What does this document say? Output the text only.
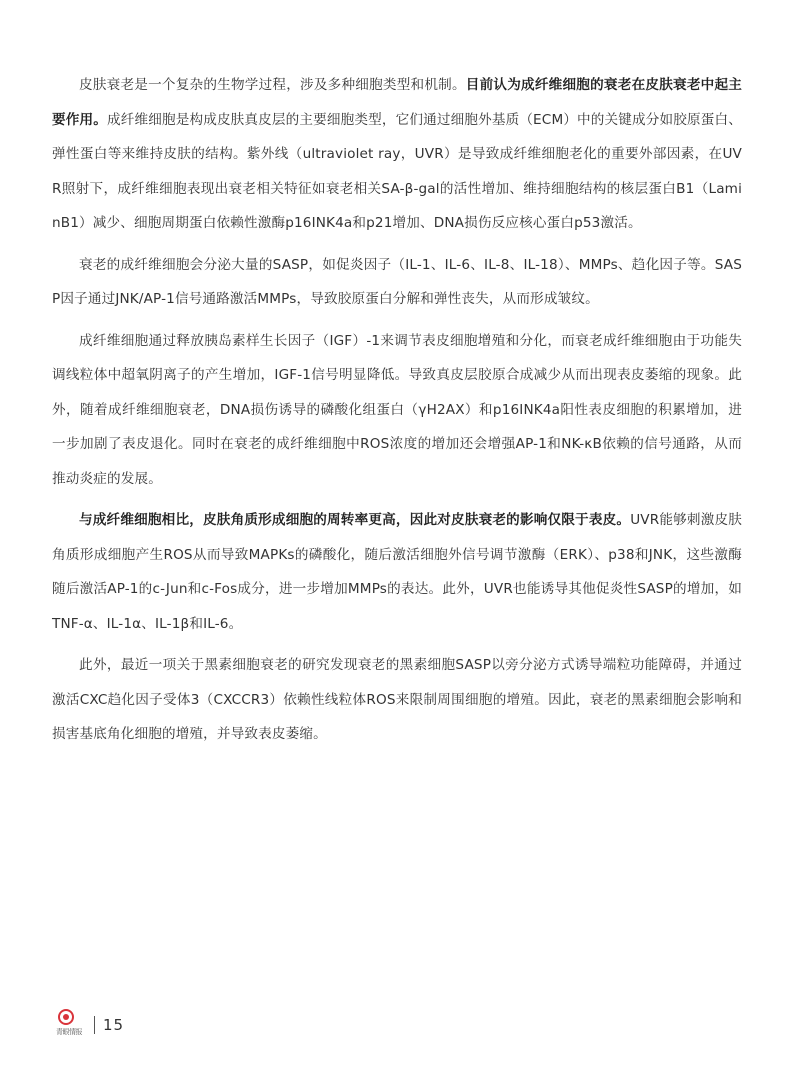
皮肤衰老是一个复杂的生物学过程，涉及多种细胞类型和机制。目前认为成纤维细胞的衰老在皮肤衰老中起主要作用。成纤维细胞是构成皮肤真皮层的主要细胞类型，它们通过细胞外基质（ECM）中的关键成分如胶原蛋白、弹性蛋白等来维持皮肤的结构。紫外线（ultraviolet ray，UVR）是导致成纤维细胞老化的重要外部因素，在UVR照射下，成纤维细胞表现出衰老相关特征如衰老相关SA-β-gal的活性增加、维持细胞结构的核层蛋白B1（LaminB1）减少、细胞周期蛋白依赖性激酶p16INK4a和p21增加、DNA损伤反应核心蛋白p53激活。

衰老的成纤维细胞会分泌大量的SASP，如促炎因子（IL-1、IL-6、IL-8、IL-18）、MMPs、趋化因子等。SASP因子通过JNK/AP-1信号通路激活MMPs，导致胶原蛋白分解和弹性丧失，从而形成皱纹。

成纤维细胞通过释放胰岛素样生长因子（IGF）-1来调节表皮细胞增殖和分化，而衰老成纤维细胞由于功能失调线粒体中超氧阴离子的产生增加，IGF-1信号明显降低。导致真皮层胶原合成减少从而出现表皮萎缩的现象。此外，随着成纤维细胞衰老，DNA损伤诱导的磷酸化组蛋白（γH2AX）和p16INK4a阳性表皮细胞的积累增加，进一步加剧了表皮退化。同时在衰老的成纤维细胞中ROS浓度的增加还会增强AP-1和NK-κB依赖的信号通路，从而推动炎症的发展。

与成纤维细胞相比，皮肤角质形成细胞的周转率更高，因此对皮肤衰老的影响仅限于表皮。UVR能够刺激皮肤角质形成细胞产生ROS从而导致MAPKs的磷酸化，随后激活细胞外信号调节激酶（ERK）、p38和JNK，这些激酶随后激活AP-1的c-Jun和c-Fos成分，进一步增加MMPs的表达。此外，UVR也能诱导其他促炎性SASP的增加，如TNF-α、IL-1α、IL-1β和IL-6。

此外，最近一项关于黑素细胞衰老的研究发现衰老的黑素细胞SASP以旁分泌方式诱导端粒功能障碍，并通过激活CXC趋化因子受体3（CXCCR3）依赖性线粒体ROS来限制周围细胞的增殖。因此，衰老的黑素细胞会影响和损害基底角化细胞的增殖，并导致表皮萎缩。

青眼情报 15
